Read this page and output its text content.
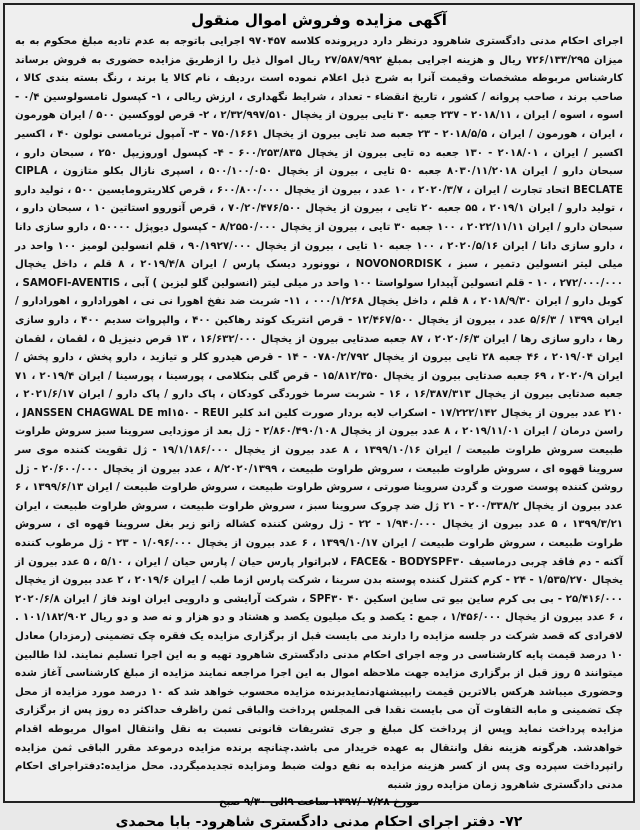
آگهی مزایده وفروش اموال منقول

اجرای احکام مدنی دادگستری شاهرود درنظر دارد درپرونده کلاسه ۹۷۰۴۵۷ اجرایی باتوجه به عدم تادیه مبلغ محکوم به به میزان ۷۲۶/۱۳۳/۲۹۵ ریال و هزینه اجرایی بمبلغ ۲۷/۵۸۷/۹۹۲ ریال اموال ذیل را ازطریق مزایده حضوری به فروش برساند کارشناس مربوطه مشخصات وقیمت آنرا به شرح ذیل اعلام نموده است ،ردیف ، نام کالا یا برند ، رنگ بسته بندی کالا ، صاحب برند ، صاحب پروانه / کشور ، تاریخ انقضاء - تعداد ، شرایط نگهداری ، ارزش ریالی ، ۱- کپسول تامسولوسین ۰/۴ - اسوه ، اسوه / ایران ، ۲۰۱۸/۱۱ - ۲۳۷ جعبه ۳۰ تایی بیرون از یخچال ۲/۳۲/۹۹۷/۵۱۰ ، ۲- قرص لووکسین ۵۰۰ / ایران هورمون ، ایران ، هورمون / ایران ، ۲۰۱۸/۵/۵ - ۲۳ جعبه صد تایی بیرون از یخچال ۷۵۰/۱۶۶۱ - ۳- آمپول تریامسی نولون ۴۰ ، اکسیر اکسیر / ایران ، ۲۰۱۸/۰۱ - ۱۳۰ جعبه ده تایی بیرون از یخچال ۶۰۰/۲۵۳/۸۳۵ - ۴- کپسول اوروزیپل ۲۵۰ ، سبحان دارو ، سبحان دارو / ایران ۸۰۳۰/۱۱/۲۰۱۸ جعبه ۵۰ تایی ، بیرون از یخچال ۵۰۰/۱۰۰/۰۵۰ ، اسپری نازال بکلو متازون CIPLA ، BECLATE اتحاد تجارت / ایران ، ۲۰۲۰/۳/۷ ، ۱۰ عدد ، بیرون از یخچال ۶۰۰/۸۰۰/۰۰۰ ، قرص کلاریترومایسین ۵۰۰ ، تولید دارو ، تولید دارو / ایران ۲۰۱۹/۱ ، ۵۵ جعبه ۲۰ تایی ، بیرون از یخچال ۷۰/۲۰/۴۷۶/۵۰۰ ، قرص آتوروو استاتین ۱۰ ، سبحان دارو ، سبحان دارو / ایران ۲۰۲۲/۱۱/۱۱ ، ۱۰۰ جعبه ۳۰ تایی ، بیرون از یخچال ۸/۲۵۵۰/۰۰۰ - کپسول دیوپژل ۵۰۰۰۰ ، دارو سازی دانا ، دارو سازی دانا / ایران ۲۰۲۰/۵/۱۶ ، ۱۰۰ جعبه ۱۰ تایی ، بیرون از یخچال ۹۰/۱۹۲۷/۰۰۰ ، قلم انسولین لومیز ۱۰۰ واحد در میلی لیتر انسولین دتمیر ، سبز ، NOVONORDISK ، نوونورد دیسک پارس / ایران ۲۰۱۹/۴/۸ ، ۸ قلم ، داخل یخچال ۲۷۲/۰۰۰/۰۰۰ ، ۱۰ - قلم انسولین آپیدارا سولواستا ۱۰۰ واحد در میلی لیتر (انسولین گلو لیزین ) آبی ، SAMOFI-AVENTIS ، کوبل دارو / ایران ۲۰۱۸/۹/۳۰ ، ۸ قلم ، داخل یخچال ۰۰۰/۱/۲۶۸ ، ۱۱- شربت ضد نفخ اهورا نی نی ، اهورادارو ، اهورادارو / ایران ۱۳۹۹ / ۵/۶/۳ عدد ، بیرون از یخچال ۱۲/۴۶۷/۵۰۰ - قرص انتریک کوتد رهاکین ۴۰۰ ، والپروات سدیم ۴۰۰ ، دارو سازی رها ، دارو سازی رها / ایران ۲۰۲۰/۶/۳ ، ۸۷ جعبه صدتایی بیرون از یخچال ۱۶/۶۳۲/۰۰۰ ، ۱۳ قرص دنیزیل ۵ ، لقمان ، لقمان ایران ۲۰۱۹/۰۴ ، ۴۶ جعبه ۲۸ تایی بیرون از یخچال ۰۷۸۰/۲/۷۹۲ - ۱۴ - قرص هیدرو کلر و تیازید ، دارو پخش ، دارو پخش / ایران ۲۰۲۰/۹ ، ۶۹ جعبه صدتایی بیرون از یخچال ۱۵/۸۱۲/۳۵۰ - قرص گلی بنکلامی ، پورسینا ، پورسینا / ایران ۲۰۱۹/۴ ، ۷۱ جعبه صدتایی بیرون از یخچال ۱۶/۳۸۷/۳۱۳ ، ۱۶ - شربت سرما خوردگی کودکان ، پاک دارو / پاک دارو / ایران ۲۰۲۱/۶/۱۷ ، ۲۱۰ عدد بیرون از یخچال ۱۷/۲۲۲/۱۴۲ - اسکراب لایه بردار صورت کلین اند کلیر JANSSEN CHAGWAL DE ml۱۵۰ - REUI ، راسن درمان / ایران ۲۰۱۹/۱۱/۰۱ ، ۸ عدد بیرون از یخچال ۲/۸۶۰/۴۹۰/۱۰۸ - ژل بعد از موزدایی سروینا سبز سروش طراوت طبیعت سروش طراوت طبیعت / ایران ۱۳۹۹/۱۰/۱۶ ، ۸ عدد بیرون از یخچال ۱۹/۱/۱۸۶/۰۰۰ - ژل تقویت کننده موی سر سروینا قهوه ای ، سروش طراوت طبیعت ، سروش طراوت طبیعت ، ۸/۲۰۲۰/۱۳۹۹ ، عدد بیرون از یخچال ۲۰/۶۰۰/۰۰۰ - ژل روشن کننده پوست صورت و گردن سروینا صورتی ، سروش طراوت طبیعت ، سروش طراوت طبیعت / ایران ۱۳۹۹/۶/۱۳ ، ۶ عدد بیرون از یخچال ۲۰۰/۳۳۸/۲ - ۲۱ ژل ضد چروک سروینا سبز ، سروش طراوت طبیعت ، سروش طراوت طبیعت ، ایران ۱۳۹۹/۳/۲۱ ، ۵ عدد بیرون از یخچال ۱/۹۴۰/۰۰۰ - ۲۲ - ژل روشن کننده کشاله زانو زیر بغل سروینا قهوه ای ، سروش طراوت طبیعت ، سروش طراوت طبیعت / ایران ۱۳۹۹/۱۰/۱۷ ، ۶ عدد بیرون از یخچال ۱/۰۹۶/۰۰۰ - ۲۳ - ژل مرطوب کننده آکنه - دم فاقد چربی درماسیف FACE& - BODYSPF۳۰ ، لابراتوار پارس حیان / پارس حیان / ایران ، ۵/۱۰ ، ۵ عدد بیرون از یخچال ۱/۵۳۵/۲۷۰ - ۲۴ - کرم کنترل کننده پوسته بدن سرینا ، شرکت پارس ازما طب / ایران ۲۰۱۹/۶ ، ۲ عدد بیرون از یخچال ۲۵/۴۱۶/۰۰۰ - بی بی کرم ساین بیو تی ساین اسکین SPF۳۰ ۴۰ ، شرکت آرایشی و دارویی ایران اوند فاز / ایران ۲۰۲۰/۶/۸ ، ۶ عدد بیرون از یخچال ۱/۴۵۶/۰۰۰ ، جمع : یکصد و یک میلیون یکصد و هشتاد و دو هزار و نه صد و دو ریال ۱۰۱/۱۸۲/۹۰۲ . لافرادی که قصد شرکت در جلسه مزایده را دارند می بایست قبل از برگزاری مزایده یک فقره چک تضمینی (رمزدار) معادل ۱۰ درصد قیمت پایه کارشناسی در وجه اجرای احکام مدنی دادگستری شاهرود تهیه و به این اجرا تسلیم نمایند. لذا طالبین میتوانند ۵ روز قبل از برگزاری مزایده جهت ملاحظه اموال به این اجرا مراجعه نمایند مزایده از مبلغ کارشناسی آغاز شده وحضوری میباشد هرکس بالاترین قیمت رابپیشنهادنمایدبرنده مزایده محسوب خواهد شد که ۱۰ درصد مورد مزایده از محل چک تضمینی و مابه التفاوت آن می بایست نقدا فی المجلس پرداخت والباقی ثمن راظرف حداکثر ده روز پس از برگزاری مزایده پرداخت نماید وپس از پرداخت کل مبلغ و جری تشریفات قانونی نسبت به نقل وانتقال اموال مربوطه اقدام خواهدشد. هرگونه هزینه نقل وانتقال به عهده خریدار می باشد.چنانچه برنده مزایده درموعد مقرر الباقی ثمن مزایده راتپرداخت سپرده وی پس از کسر هزینه مزایده به نفع دولت ضبط ومزایده تجدیدمیگردد. محل مزایده:دفتراجرای احکام مدنی دادگستری شاهرود زمان مزایده روز شنبه

مورخ ۱۳۹۷/۰۷/۲۸ ساعت ۹الی ۹/۳۰ صبح
۷۲- دفتر اجرای احکام مدنی دادگستری شاهرود- بابا محمدی
